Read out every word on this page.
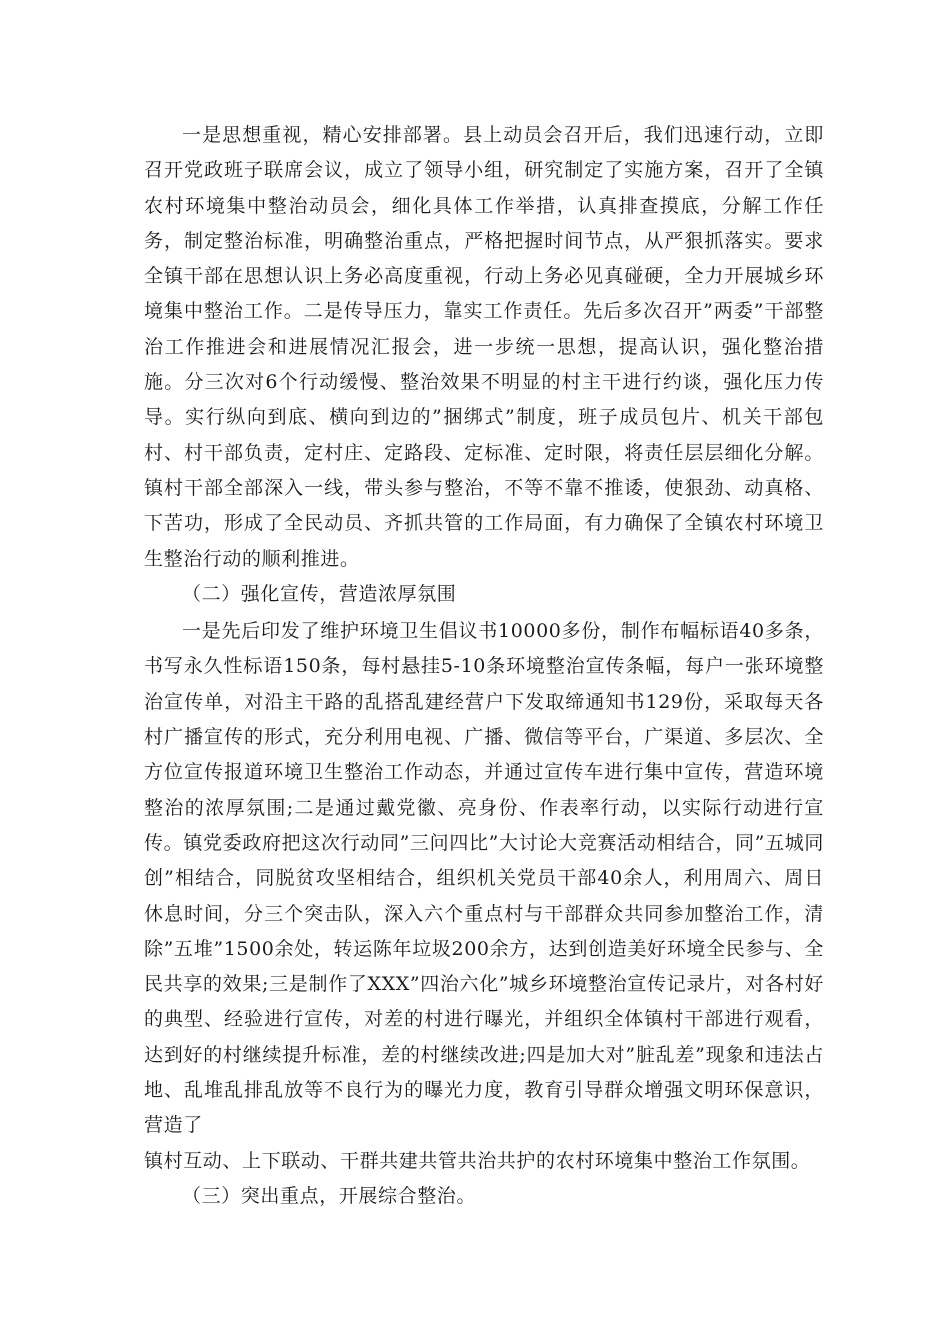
一是思想重视，精心安排部署。县上动员会召开后，我们迅速行动，立即召开党政班子联席会议，成立了领导小组，研究制定了实施方案，召开了全镇农村环境集中整治动员会，细化具体工作举措，认真排查摸底，分解工作任务，制定整治标准，明确整治重点，严格把握时间节点，从严狠抓落实。要求全镇干部在思想认识上务必高度重视，行动上务必见真碰硬，全力开展城乡环境集中整治工作。二是传导压力，靠实工作责任。先后多次召开”两委”干部整治工作推进会和进展情况汇报会，进一步统一思想，提高认识，强化整治措施。分三次对6个行动缓慢、整治效果不明显的村主干进行约谈，强化压力传导。实行纵向到底、横向到边的”捆绑式”制度，班子成员包片、机关干部包村、村干部负责，定村庄、定路段、定标准、定时限，将责任层层细化分解。镇村干部全部深入一线，带头参与整治，不等不靠不推诿，使狠劲、动真格、下苦功，形成了全民动员、齐抓共管的工作局面，有力确保了全镇农村环境卫生整治行动的顺利推进。

（二）强化宣传，营造浓厚氛围

一是先后印发了维护环境卫生倡议书10000多份，制作布幅标语40多条，书写永久性标语150条，每村悬挂5-10条环境整治宣传条幅，每户一张环境整治宣传单，对沿主干路的乱搭乱建经营户下发取缔通知书129份，采取每天各村广播宣传的形式，充分利用电视、广播、微信等平台，广渠道、多层次、全方位宣传报道环境卫生整治工作动态，并通过宣传车进行集中宣传，营造环境整治的浓厚氛围;二是通过戴党徽、亮身份、作表率行动，以实际行动进行宣传。镇党委政府把这次行动同”三问四比”大讨论大竞赛活动相结合，同”五城同创”相结合，同脱贫攻坚相结合，组织机关党员干部40余人，利用周六、周日休息时间，分三个突击队，深入六个重点村与干部群众共同参加整治工作，清除”五堆”1500余处，转运陈年垃圾200余方，达到创造美好环境全民参与、全民共享的效果;三是制作了XXX”四治六化”城乡环境整治宣传记录片，对各村好的典型、经验进行宣传，对差的村进行曝光，并组织全体镇村干部进行观看，达到好的村继续提升标准，差的村继续改进;四是加大对”脏乱差”现象和违法占地、乱堆乱排乱放等不良行为的曝光力度，教育引导群众增强文明环保意识，营造了

镇村互动、上下联动、干群共建共管共治共护的农村环境集中整治工作氛围。

（三）突出重点，开展综合整治。
